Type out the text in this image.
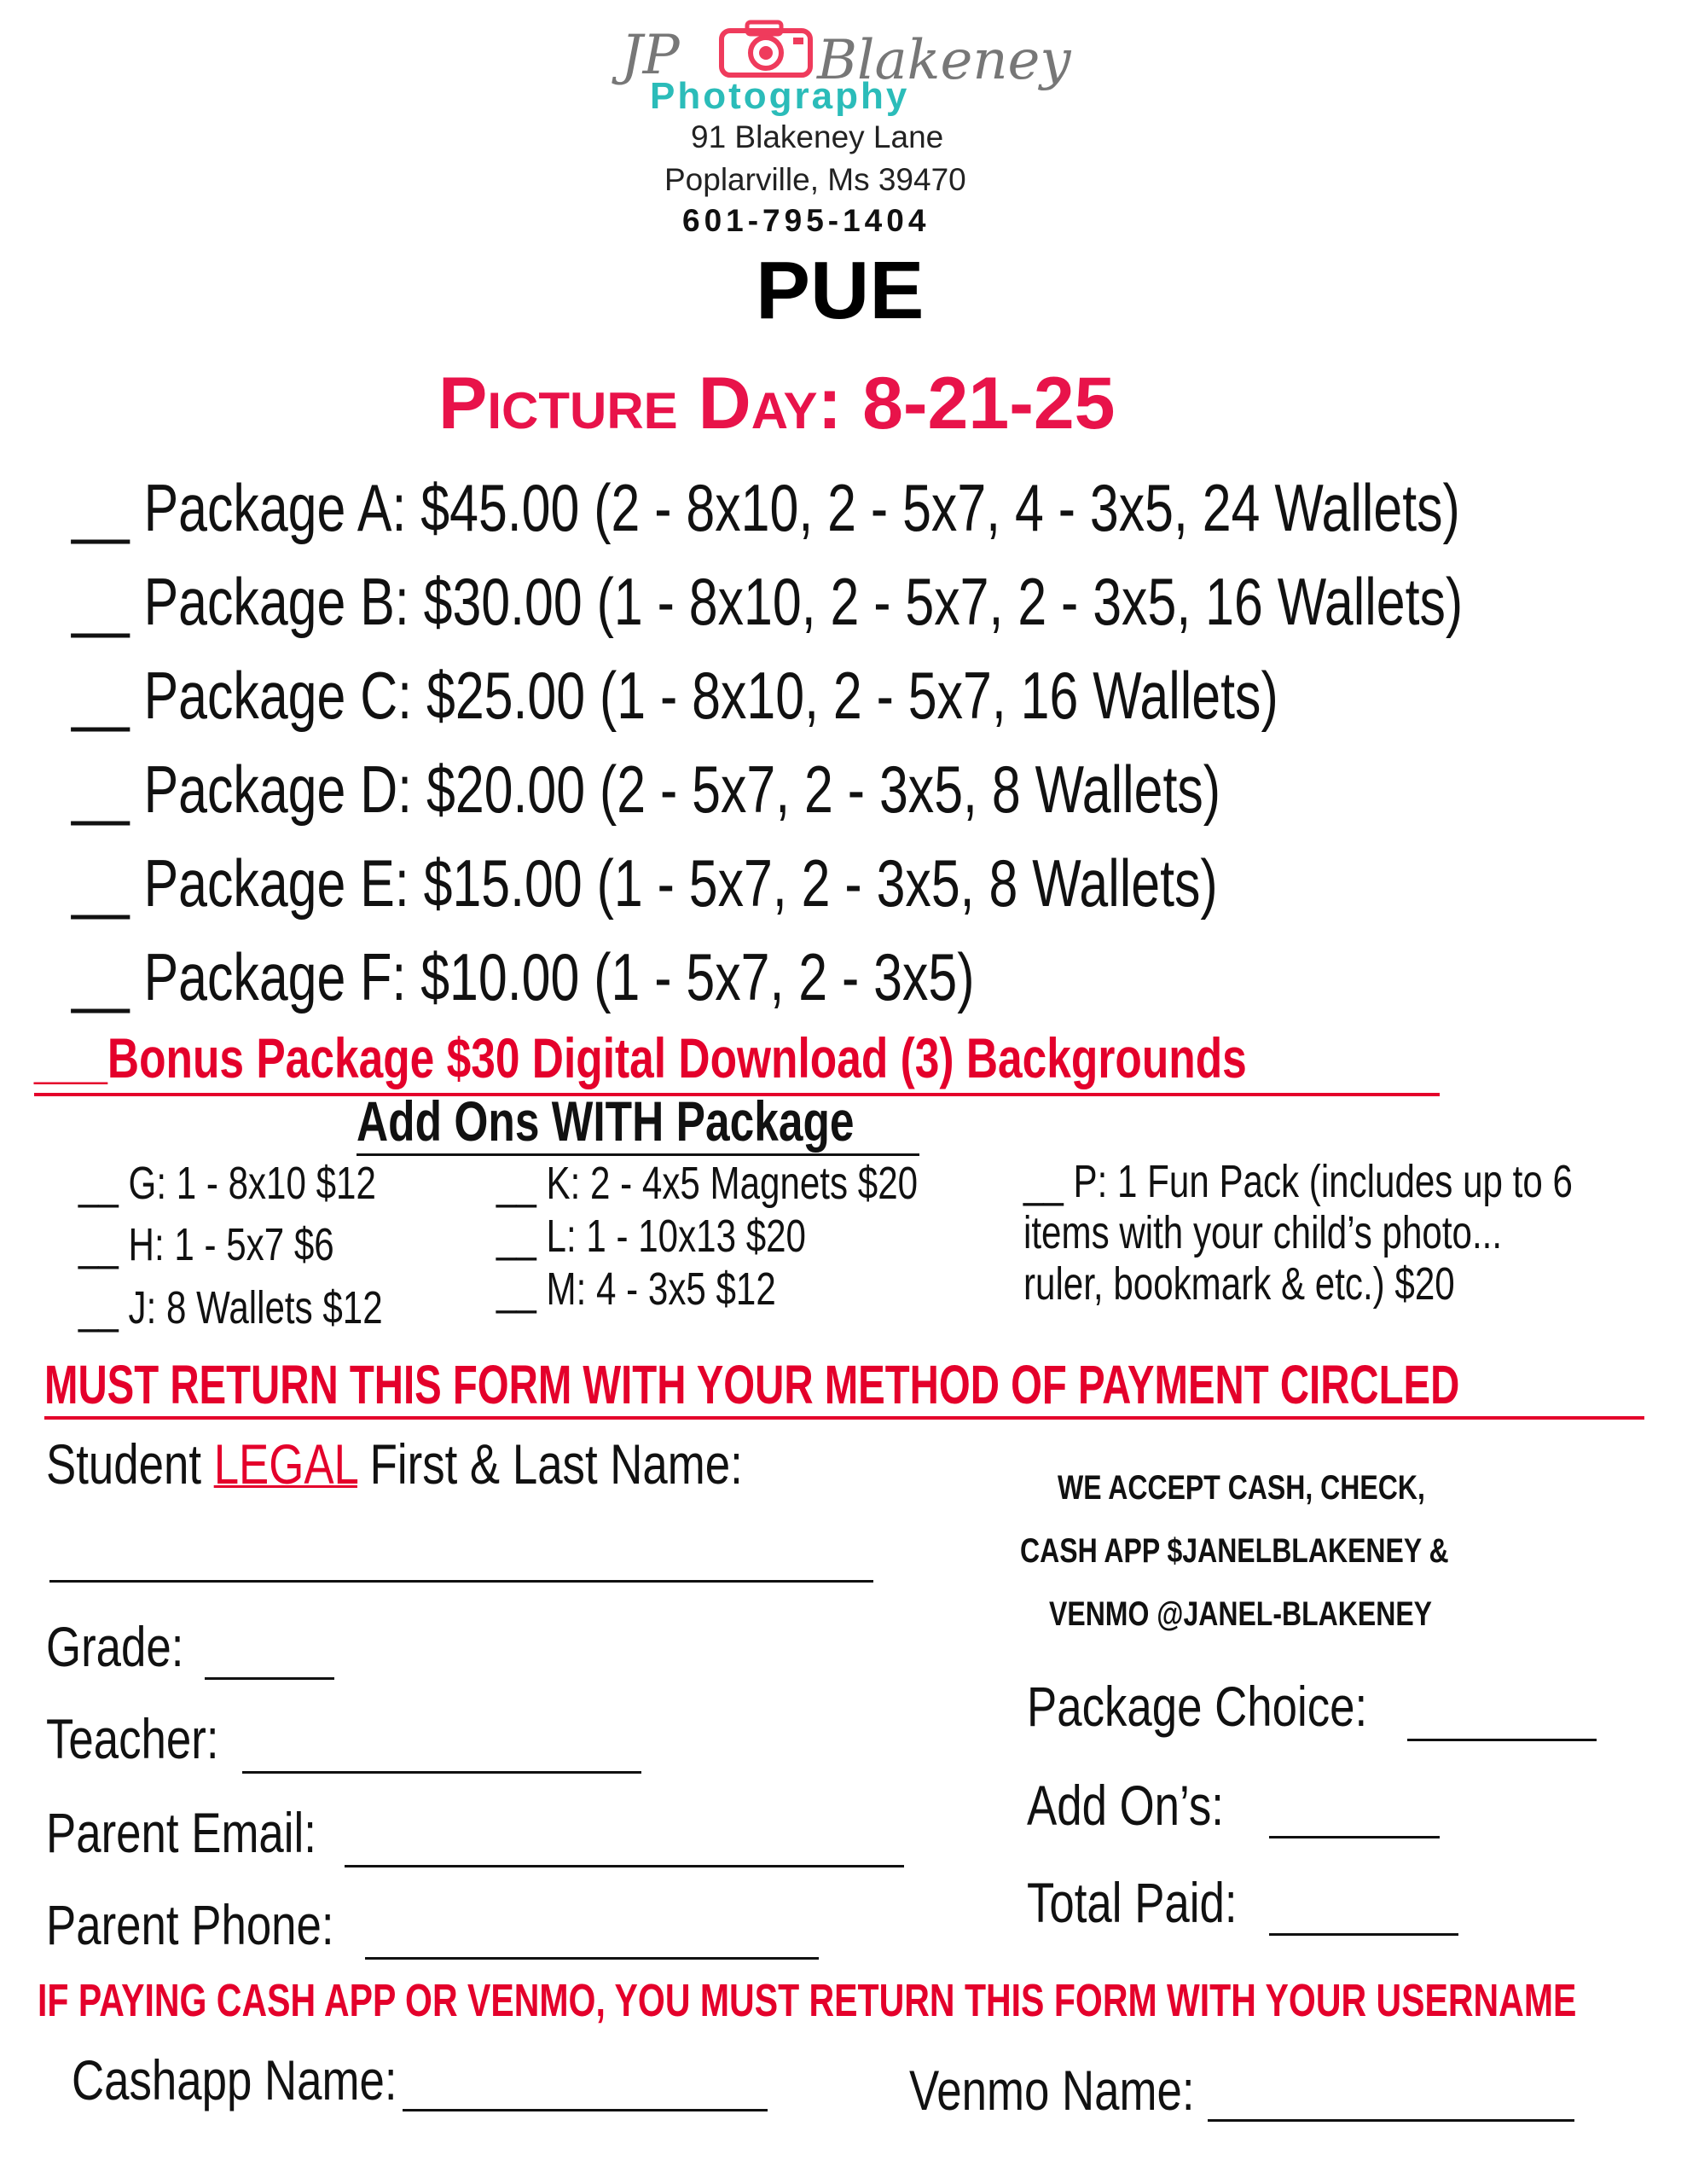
JP	Blakeney
Photography
91 Blakeney Lane
Poplarville, Ms 39470
601-795-1404
PUE
Picture Day: 8-21-25
__ Package A: $45.00 (2 - 8x10, 2 - 5x7, 4 - 3x5, 24 Wallets)
__ Package B: $30.00 (1 - 8x10, 2 - 5x7, 2 - 3x5, 16 Wallets)
__ Package C: $25.00 (1 - 8x10, 2 - 5x7, 16 Wallets)
__ Package D: $20.00 (2 - 5x7, 2 - 3x5, 8 Wallets)
__ Package E: $15.00 (1 - 5x7, 2 - 3x5, 8 Wallets)
__ Package F: $10.00 (1 - 5x7, 2 - 3x5)
___Bonus Package $30 Digital Download (3) Backgrounds
Add Ons WITH Package
__ G: 1 - 8x10 $12
__ H: 1 - 5x7 $6
__ J: 8 Wallets $12
__ K: 2 - 4x5 Magnets $20
__ L: 1 - 10x13 $20
__ M: 4 - 3x5 $12
__ P: 1 Fun Pack (includes up to 6
items with your child’s photo...
ruler, bookmark & etc.) $20
MUST RETURN THIS FORM WITH YOUR METHOD OF PAYMENT CIRCLED
Student LEGAL First & Last Name:	WE ACCEPT CASH, CHECK,
CASH APP $JANELBLAKENEY &
VENMO @JANEL-BLAKENEY
Grade:
Teacher:
Parent Email:
Parent Phone:
Package Choice:
Add On’s:
Total Paid:
IF PAYING CASH APP OR VENMO, YOU MUST RETURN THIS FORM WITH YOUR USERNAME
Cashapp Name:	Venmo Name:
